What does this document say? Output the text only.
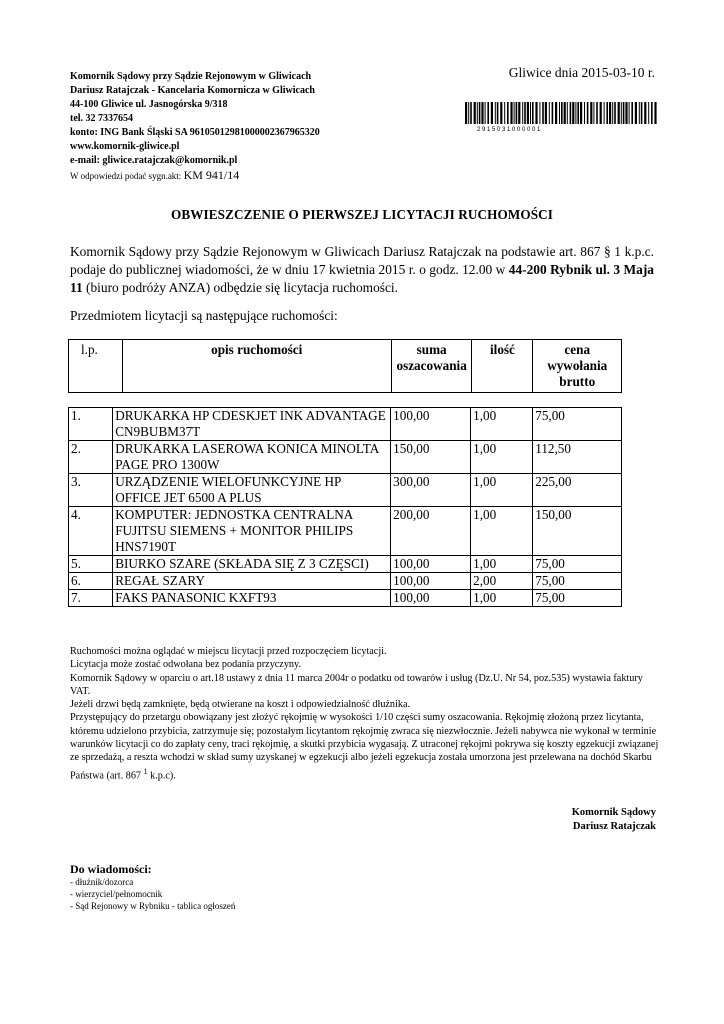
Komornik Sądowy przy Sądzie Rejonowym w Gliwicach
Dariusz Ratajczak - Kancelaria Komornicza w Gliwicach
44-100 Gliwice ul. Jasnogórska 9/318
tel. 32 7337654
konto: ING Bank Śląski SA 96105012981000002367965320
www.komornik-gliwice.pl
e-mail: gliwice.ratajczak@komornik.pl
W odpowiedzi podać sygn.akt: KM 941/14
Gliwice dnia 2015-03-10 r.
2 9 1 5 0 3 1 0 0 0 0 0 1
OBWIESZCZENIE O PIERWSZEJ LICYTACJI RUCHOMOŚCI
Komornik Sądowy przy Sądzie Rejonowym w Gliwicach Dariusz Ratajczak na podstawie art. 867 § 1 k.p.c. podaje do publicznej wiadomości, że w dniu 17 kwietnia 2015 r. o godz. 12.00 w 44-200 Rybnik ul. 3 Maja 11 (biuro podróży ANZA) odbędzie się licytacja ruchomości.
Przedmiotem licytacji są następujące ruchomości:
l.p.	opis ruchomości	suma oszacowania	ilość	cena wywołania brutto
1.	DRUKARKA HP CDESKJET INK ADVANTAGE CN9BUBM37T	100,00	1,00	75,00
2.	DRUKARKA LASEROWA KONICA MINOLTA PAGE PRO 1300W	150,00	1,00	112,50
3.	URZĄDZENIE WIELOFUNKCYJNE HP OFFICE JET 6500 A PLUS	300,00	1,00	225,00
4.	KOMPUTER: JEDNOSTKA CENTRALNA FUJITSU SIEMENS + MONITOR PHILIPS HNS7190T	200,00	1,00	150,00
5.	BIURKO SZARE (SKŁADA SIĘ Z 3 CZĘSCI)	100,00	1,00	75,00
6.	REGAŁ SZARY	100,00	2,00	75,00
7.	FAKS PANASONIC KXFT93	100,00	1,00	75,00

Ruchomości można oglądać w miejscu licytacji przed rozpoczęciem licytacji.

Licytacja może zostać odwołana bez podania przyczyny.

Komornik Sądowy w oparciu o art.18 ustawy z dnia 11 marca 2004r o podatku od towarów i usług (Dz.U. Nr 54, poz.535) wystawia faktury VAT.

Jeżeli drzwi będą zamknięte, będą otwierane na koszt i odpowiedzialność dłużnika.

Przystępujący do przetargu obowiązany jest złożyć rękojmię w wysokości 1/10 części sumy oszacowania. Rękojmię złożoną przez licytanta, któremu udzielono przybicia, zatrzymuje się; pozostałym licytantom rękojmię zwraca się niezwłocznie. Jeżeli nabywca nie wykonał w terminie warunków licytacji co do zapłaty ceny, traci rękojmię, a skutki przybicia wygasają. Z utraconej rękojmi pokrywa się koszty egzekucji związanej ze sprzedażą, a reszta wchodzi w skład sumy uzyskanej w egzekucji albo jeżeli egzekucja została umorzona jest przelewana na dochód Skarbu Państwa (art. 867 $^1$ k.p.c).

Komornik Sądowy
Dariusz Ratajczak
Do wiadomości:
- dłużnik/dozorca
- wierzyciel/pełnomocnik
- Sąd Rejonowy w Rybniku - tablica ogłoszeń
